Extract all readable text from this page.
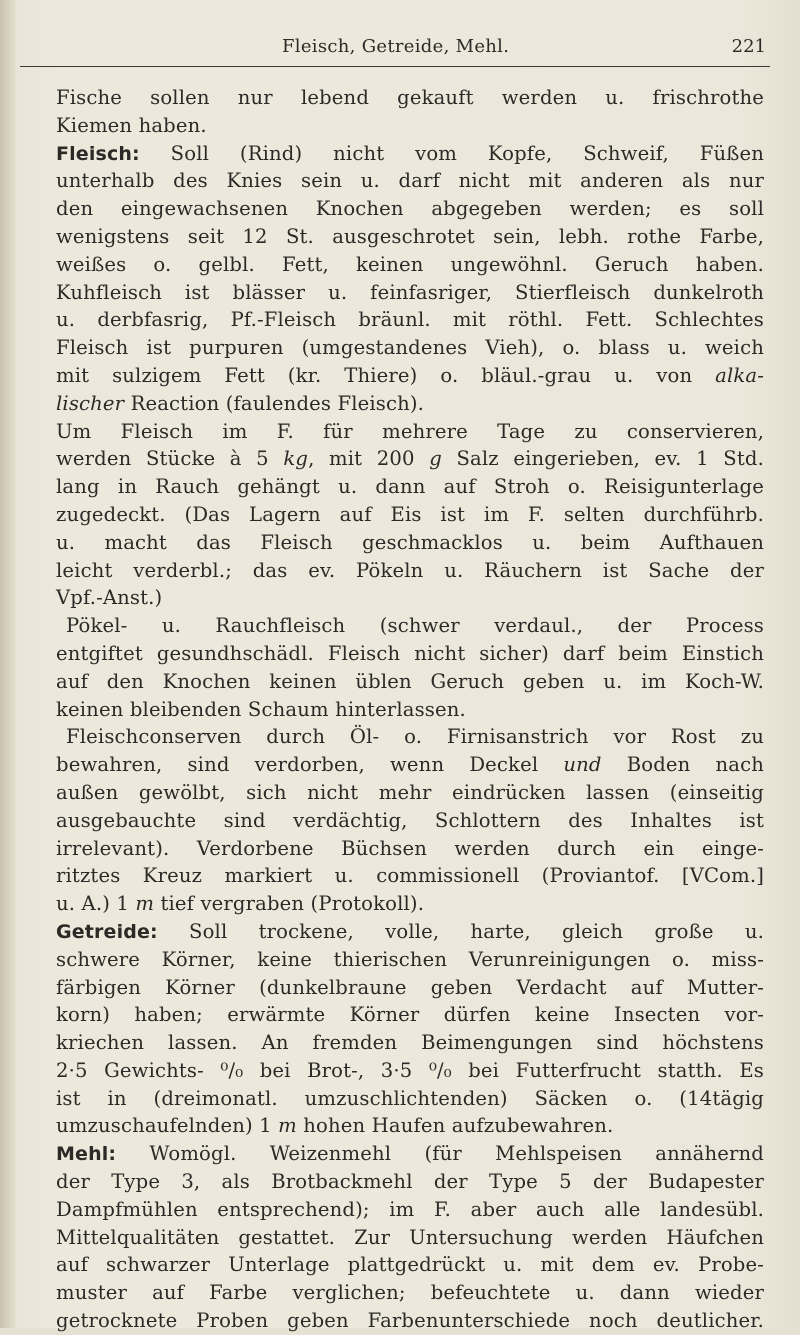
Fleisch, Getreide, Mehl.	221
Fische sollen nur lebend gekauft werden u. frischrothe
Kiemen haben.
Fleisch: Soll (Rind) nicht vom Kopfe, Schweif, Füßen
unterhalb des Knies sein u. darf nicht mit anderen als nur
den eingewachsenen Knochen abgegeben werden; es soll
wenigstens seit 12 St. ausgeschrotet sein, lebh. rothe Farbe,
weißes o. gelbl. Fett, keinen ungewöhnl. Geruch haben.
Kuhfleisch ist blässer u. feinfasriger, Stierfleisch dunkelroth
u. derbfasrig, Pf.-Fleisch bräunl. mit röthl. Fett. Schlechtes
Fleisch ist purpuren (umgestandenes Vieh), o. blass u. weich
mit sulzigem Fett (kr. Thiere) o. bläul.-grau u. von alka-
lischer Reaction (faulendes Fleisch).
Um Fleisch im F. für mehrere Tage zu conservieren,
werden Stücke à 5 kg, mit 200 g Salz eingerieben, ev. 1 Std.
lang in Rauch gehängt u. dann auf Stroh o. Reisigunterlage
zugedeckt. (Das Lagern auf Eis ist im F. selten durchführb.
u. macht das Fleisch geschmacklos u. beim Aufthauen
leicht verderbl.; das ev. Pökeln u. Räuchern ist Sache der
Vpf.-Anst.)
Pökel- u. Rauchfleisch (schwer verdaul., der Process
entgiftet gesundhschädl. Fleisch nicht sicher) darf beim Einstich
auf den Knochen keinen üblen Geruch geben u. im Koch-W.
keinen bleibenden Schaum hinterlassen.
Fleischconserven durch Öl- o. Firnisanstrich vor Rost zu
bewahren, sind verdorben, wenn Deckel und Boden nach
außen gewölbt, sich nicht mehr eindrücken lassen (einseitig
ausgebauchte sind verdächtig, Schlottern des Inhaltes ist
irrelevant). Verdorbene Büchsen werden durch ein einge-
ritztes Kreuz markiert u. commissionell (Proviantof. [VCom.]
u. A.) 1 m tief vergraben (Protokoll).
Getreide: Soll trockene, volle, harte, gleich große u.
schwere Körner, keine thierischen Verunreinigungen o. miss-
färbigen Körner (dunkelbraune geben Verdacht auf Mutter-
korn) haben; erwärmte Körner dürfen keine Insecten vor-
kriechen lassen. An fremden Beimengungen sind höchstens
2·5 Gewichts- ⁰/₀ bei Brot-, 3·5 ⁰/₀ bei Futterfrucht statth. Es
ist in (dreimonatl. umzuschlichtenden) Säcken o. (14tägig
umzuschaufelnden) 1 m hohen Haufen aufzubewahren.
Mehl: Womögl. Weizenmehl (für Mehlspeisen annähernd
der Type 3, als Brotbackmehl der Type 5 der Budapester
Dampfmühlen entsprechend); im F. aber auch alle landesübl.
Mittelqualitäten gestattet. Zur Untersuchung werden Häufchen
auf schwarzer Unterlage plattgedrückt u. mit dem ev. Probe-
muster auf Farbe verglichen; befeuchtete u. dann wieder
getrocknete Proben geben Farbenunterschiede noch deutlicher.
